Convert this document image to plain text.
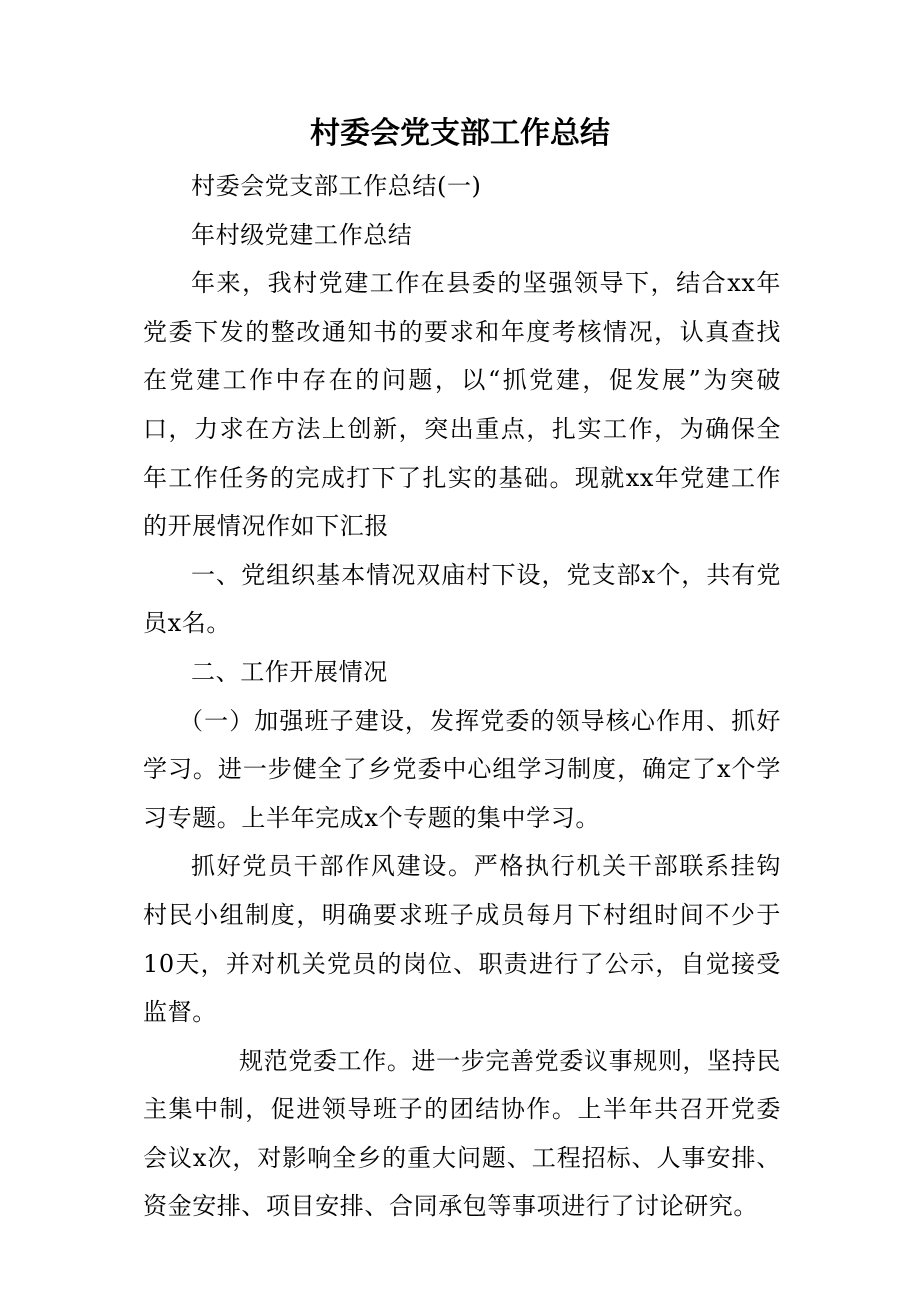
村委会党支部工作总结

村委会党支部工作总结(一)

年村级党建工作总结

年来，我村党建工作在县委的坚强领导下，结合xx年党委下发的整改通知书的要求和年度考核情况，认真查找在党建工作中存在的问题，以“抓党建，促发展”为突破口，力求在方法上创新，突出重点，扎实工作，为确保全年工作任务的完成打下了扎实的基础。现就xx年党建工作的开展情况作如下汇报

一、党组织基本情况双庙村下设，党支部x个，共有党员x名。

二、工作开展情况

（一）加强班子建设，发挥党委的领导核心作用、抓好学习。进一步健全了乡党委中心组学习制度，确定了x个学习专题。上半年完成x个专题的集中学习。

抓好党员干部作风建设。严格执行机关干部联系挂钩村民小组制度，明确要求班子成员每月下村组时间不少于10天，并对机关党员的岗位、职责进行了公示，自觉接受监督。

规范党委工作。进一步完善党委议事规则，坚持民主集中制，促进领导班子的团结协作。上半年共召开党委会议x次，对影响全乡的重大问题、工程招标、人事安排、资金安排、项目安排、合同承包等事项进行了讨论研究。
